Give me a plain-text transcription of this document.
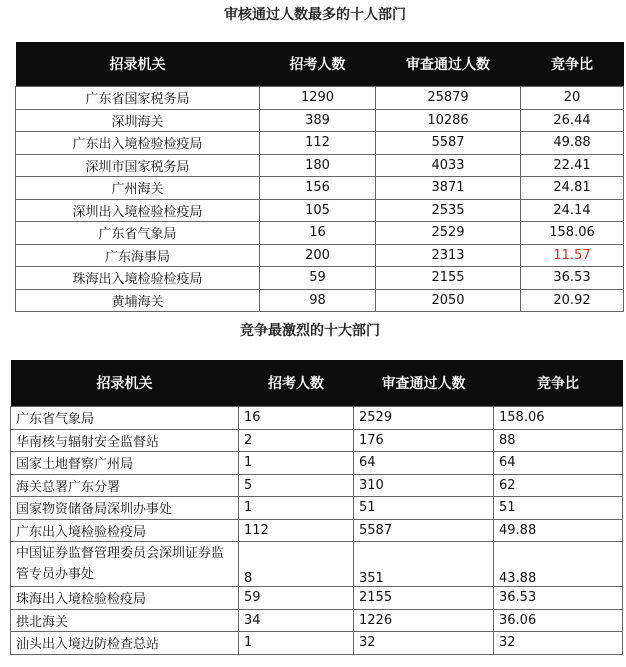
审核通过人数最多的十人部门
招录机关	招考人数	审查通过人数	竞争比
广东省国家税务局	1290	25879	20
深圳海关	389	10286	26.44
广东出入境检验检疫局	112	5587	49.88
深圳市国家税务局	180	4033	22.41
广州海关	156	3871	24.81
深圳出入境检验检疫局	105	2535	24.14
广东省气象局	16	2529	158.06
广东海事局	200	2313	11.57
珠海出入境检验检疫局	59	2155	36.53
黄埔海关	98	2050	20.92
竞争最激烈的十大部门
招录机关	招考人数	审查通过人数	竞争比
广东省气象局	16	2529	158.06
华南核与辐射安全监督站	2	176	88
国家土地督察广州局	1	64	64
海关总署广东分署	5	310	62
国家物资储备局深圳办事处	1	51	51
广东出入境检验检疫局	112	5587	49.88
中国证券监督管理委员会深圳证券监管专员办事处	8	351	43.88
珠海出入境检验检疫局	59	2155	36.53
拱北海关	34	1226	36.06
汕头出入境边防检查总站	1	32	32
